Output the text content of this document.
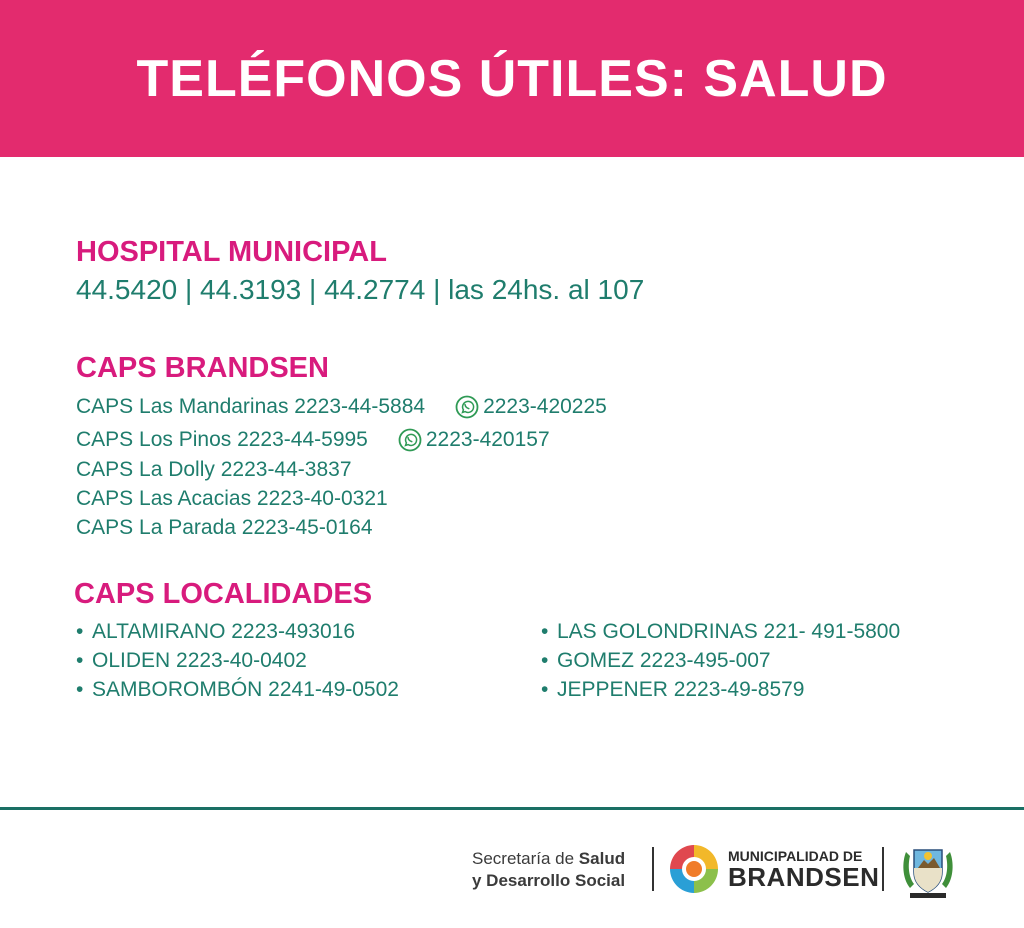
TELÉFONOS ÚTILES: SALUD
HOSPITAL MUNICIPAL
44.5420 | 44.3193 | 44.2774 | las 24hs. al 107
CAPS BRANDSEN
CAPS Las Mandarinas 2223-44-5884	2223-420225
CAPS Los Pinos 2223-44-5995	2223-420157
CAPS La Dolly 2223-44-3837
CAPS Las Acacias 2223-40-0321
CAPS La Parada 2223-45-0164
CAPS LOCALIDADES
• ALTAMIRANO 2223-493016
• OLIDEN 2223-40-0402
• SAMBOROMBÓN 2241-49-0502
• LAS GOLONDRINAS 221- 491-5800
• GOMEZ 2223-495-007
• JEPPENER 2223-49-8579
Secretaría de Salud
y Desarrollo Social
MUNICIPALIDAD DE
BRANDSEN
